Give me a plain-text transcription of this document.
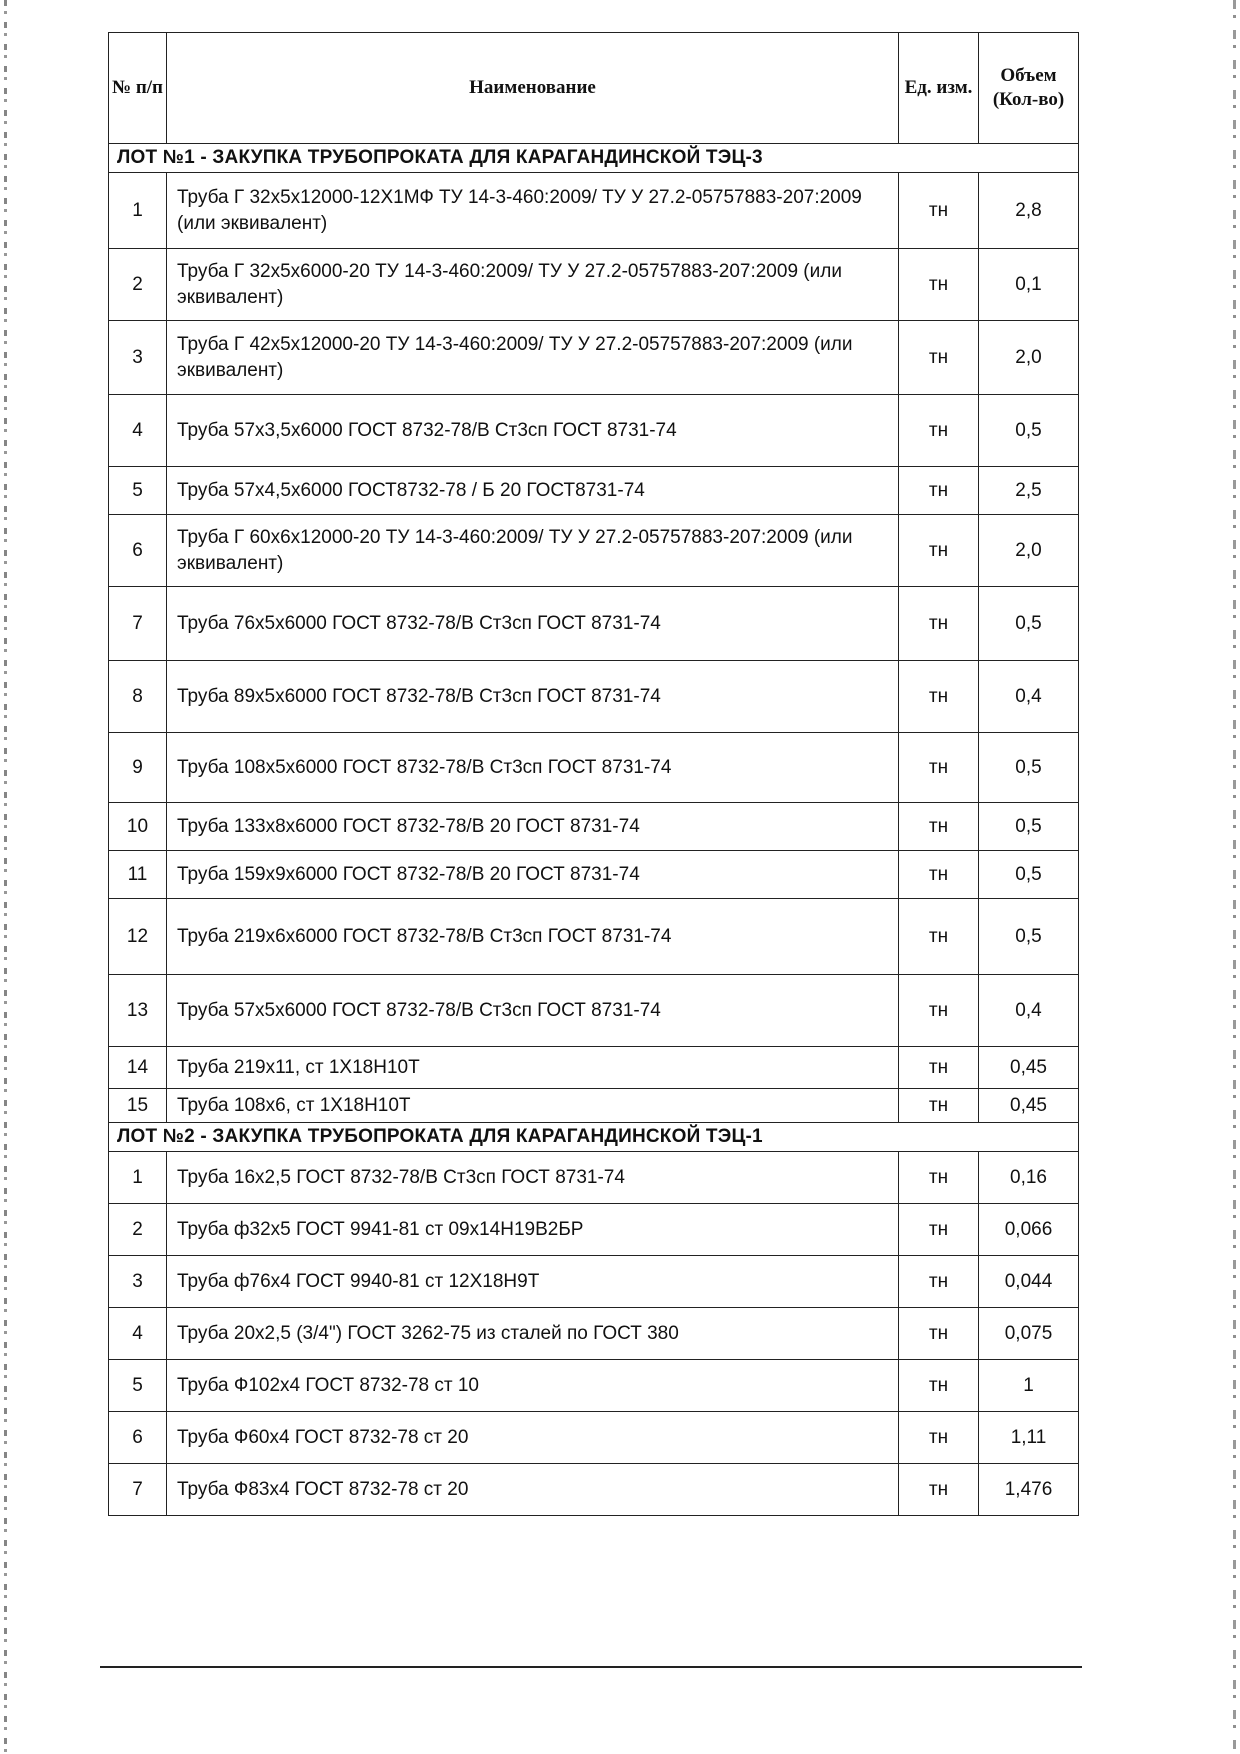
№ п/п	Наименование	Ед. изм.	Объем (Кол-во)
ЛОТ №1 - ЗАКУПКА ТРУБОПРОКАТА ДЛЯ КАРАГАНДИНСКОЙ ТЭЦ-3			
1	Труба Г 32х5х12000-12Х1МФ ТУ 14-3-460:2009/ ТУ У 27.2-05757883-207:2009 (или эквивалент)	тн	2,8
2	Труба Г 32х5х6000-20 ТУ 14-3-460:2009/ ТУ У 27.2-05757883-207:2009 (или эквивалент)	тн	0,1
3	Труба Г 42х5х12000-20 ТУ 14-3-460:2009/ ТУ У 27.2-05757883-207:2009 (или эквивалент)	тн	2,0
4	Труба 57х3,5х6000 ГОСТ 8732-78/В Ст3сп ГОСТ 8731-74	тн	0,5
5	Труба 57х4,5х6000 ГОСТ8732-78 / Б 20 ГОСТ8731-74	тн	2,5
6	Труба Г 60х6х12000-20 ТУ 14-3-460:2009/ ТУ У 27.2-05757883-207:2009 (или эквивалент)	тн	2,0
7	Труба 76х5х6000 ГОСТ 8732-78/В Ст3сп ГОСТ 8731-74	тн	0,5
8	Труба 89х5х6000 ГОСТ 8732-78/В Ст3сп ГОСТ 8731-74	тн	0,4
9	Труба 108х5х6000 ГОСТ 8732-78/В Ст3сп ГОСТ 8731-74	тн	0,5
10	Труба 133х8х6000 ГОСТ 8732-78/В 20 ГОСТ 8731-74	тн	0,5
11	Труба 159х9х6000 ГОСТ 8732-78/В 20 ГОСТ 8731-74	тн	0,5
12	Труба 219х6х6000 ГОСТ 8732-78/В Ст3сп ГОСТ 8731-74	тн	0,5
13	Труба 57х5х6000 ГОСТ 8732-78/В Ст3сп ГОСТ 8731-74	тн	0,4
14	Труба 219х11, ст 1Х18Н10Т	тн	0,45
15	Труба 108х6, ст 1Х18Н10Т	тн	0,45
ЛОТ №2 - ЗАКУПКА ТРУБОПРОКАТА ДЛЯ КАРАГАНДИНСКОЙ ТЭЦ-1			
1	Труба 16х2,5 ГОСТ 8732-78/В Ст3сп ГОСТ 8731-74	тн	0,16
2	Труба ф32х5 ГОСТ 9941-81 ст 09х14Н19В2БР	тн	0,066
3	Труба ф76х4 ГОСТ 9940-81 ст 12Х18Н9Т	тн	0,044
4	Труба 20х2,5 (3/4") ГОСТ 3262-75 из сталей по ГОСТ 380	тн	0,075
5	Труба Ф102х4 ГОСТ 8732-78 ст 10	тн	1
6	Труба Ф60х4 ГОСТ 8732-78 ст 20	тн	1,11
7	Труба Ф83х4 ГОСТ 8732-78 ст 20	тн	1,476
